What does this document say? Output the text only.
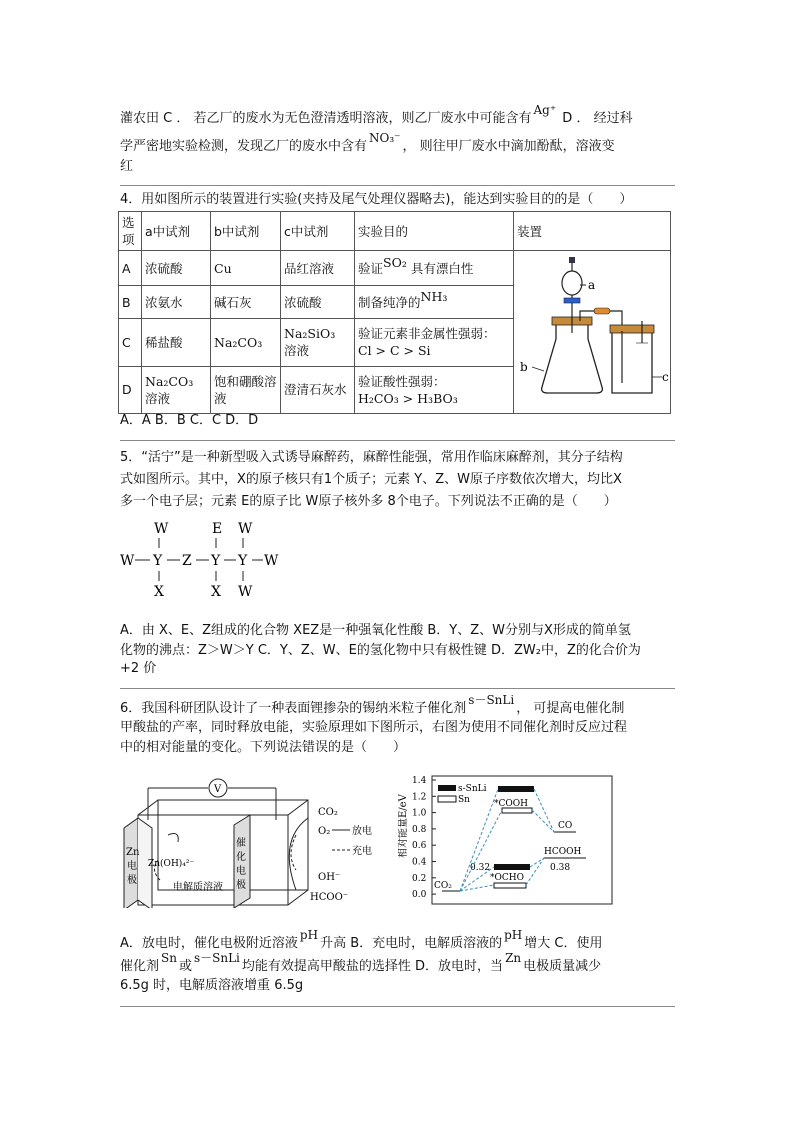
灌农田 C ． 若乙厂的废水为无色澄清透明溶液，则乙厂废水中可能含有Ag⁺ D ． 经过科
学严密地实验检测，发现乙厂的废水中含有NO₃⁻， 则往甲厂废水中滴加酚酞，溶液变
红
4．用如图所示的装置进行实验(夹持及尾气处理仪器略去)，能达到实验目的的是（　　）
选项	a中试剂	b中试剂	c中试剂	实验目的	装置
A	浓硫酸	Cu	品红溶液	验证SO₂ 具有漂白性	a
b
c

B	浓氨水	碱石灰	浓硫酸	制备纯净的NH₃	
C	稀盐酸	Na₂CO₃	Na₂SiO₃ 溶液	验证元素非金属性强弱：
Cl > C > Si	

D	Na₂CO₃ 溶液	饱和硼酸溶液	澄清石灰水	验证酸性强弱：
H₂CO₃ > H₃BO₃	
A．A B．B C．C D．D
5．“活宁”是一种新型吸入式诱导麻醉药，麻醉性能强，常用作临床麻醉剂，其分子结构
式如图所示。其中，X的原子核只有1个质子；元素 Y、Z、W原子序数依次增大，均比X
多一个电子层；元素 E的原子比 W原子核外多 8个电子。下列说法不正确的是（　　）
W	E W
W Y Z Y Y W
X	X W
A．由 X、E、Z组成的化合物 XEZ是一种强氧化性酸 B．Y、Z、W分别与X形成的简单氢
化物的沸点：Z＞W＞Y C．Y、Z、W、E的氢化物中只有极性键 D．ZW₂中，Z的化合价为
+2 价
6．我国科研团队设计了一种表面锂掺杂的锡纳米粒子催化剂s－SnLi， 可提高电催化制
甲酸盐的产率，同时释放电能，实验原理如下图所示，右图为使用不同催化剂时反应过程
中的相对能量的变化。下列说法错误的是（　　）
V
Zn
电
极
催
化
电
极
Zn(OH)₄²⁻
电解质溶液
CO₂
O₂ 放电
充电
OH⁻
HCOO⁻
相对能量E/eV
1.4
1.2
1.0
0.8
0.6
0.4
0.2
0.0
s-SnLi
Sn
CO₂
*COOH
0.32
*OCHO
CO
HCOOH
0.38
A．放电时，催化电极附近溶液pH升高 B．充电时，电解质溶液的pH增大 C．使用
催化剂Sn或s－SnLi均能有效提高甲酸盐的选择性 D．放电时，当Zn电极质量减少
6.5g 时，电解质溶液增重 6.5g
